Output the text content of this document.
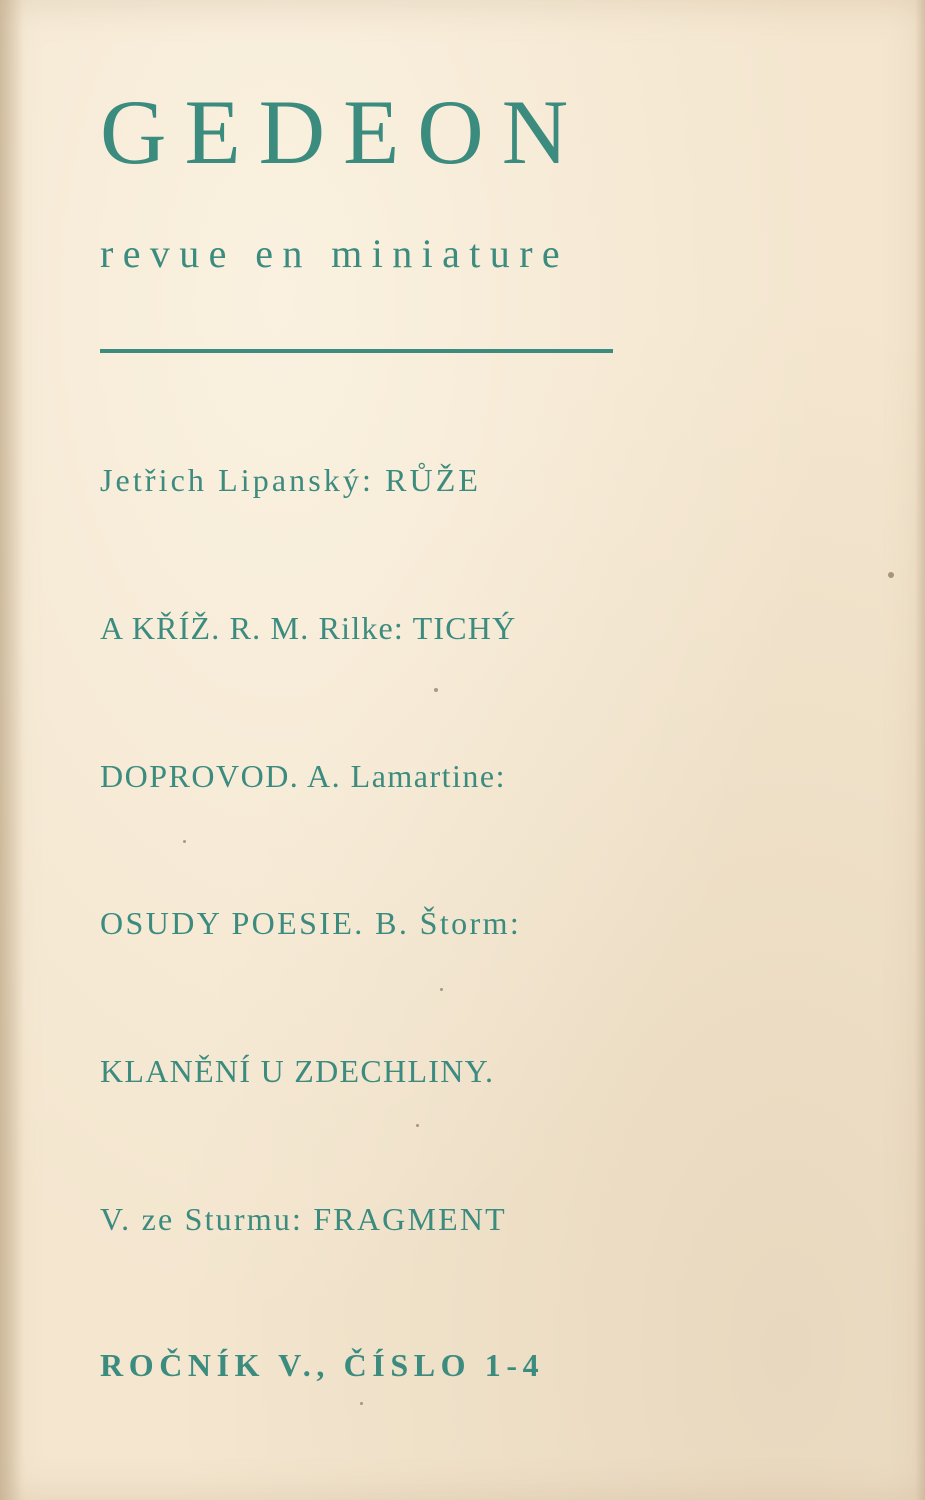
GEDEON
revue en miniature
Jetřich Lipanský: RŮŽE
A KŘÍŽ. R. M. Rilke: TICHÝ
DOPROVOD. A. Lamartine:
OSUDY POESIE. B. Štorm:
KLANĚNÍ U ZDECHLINY.
V. ze Sturmu: FRAGMENT
ROČNÍK V., ČÍSLO 1-4
